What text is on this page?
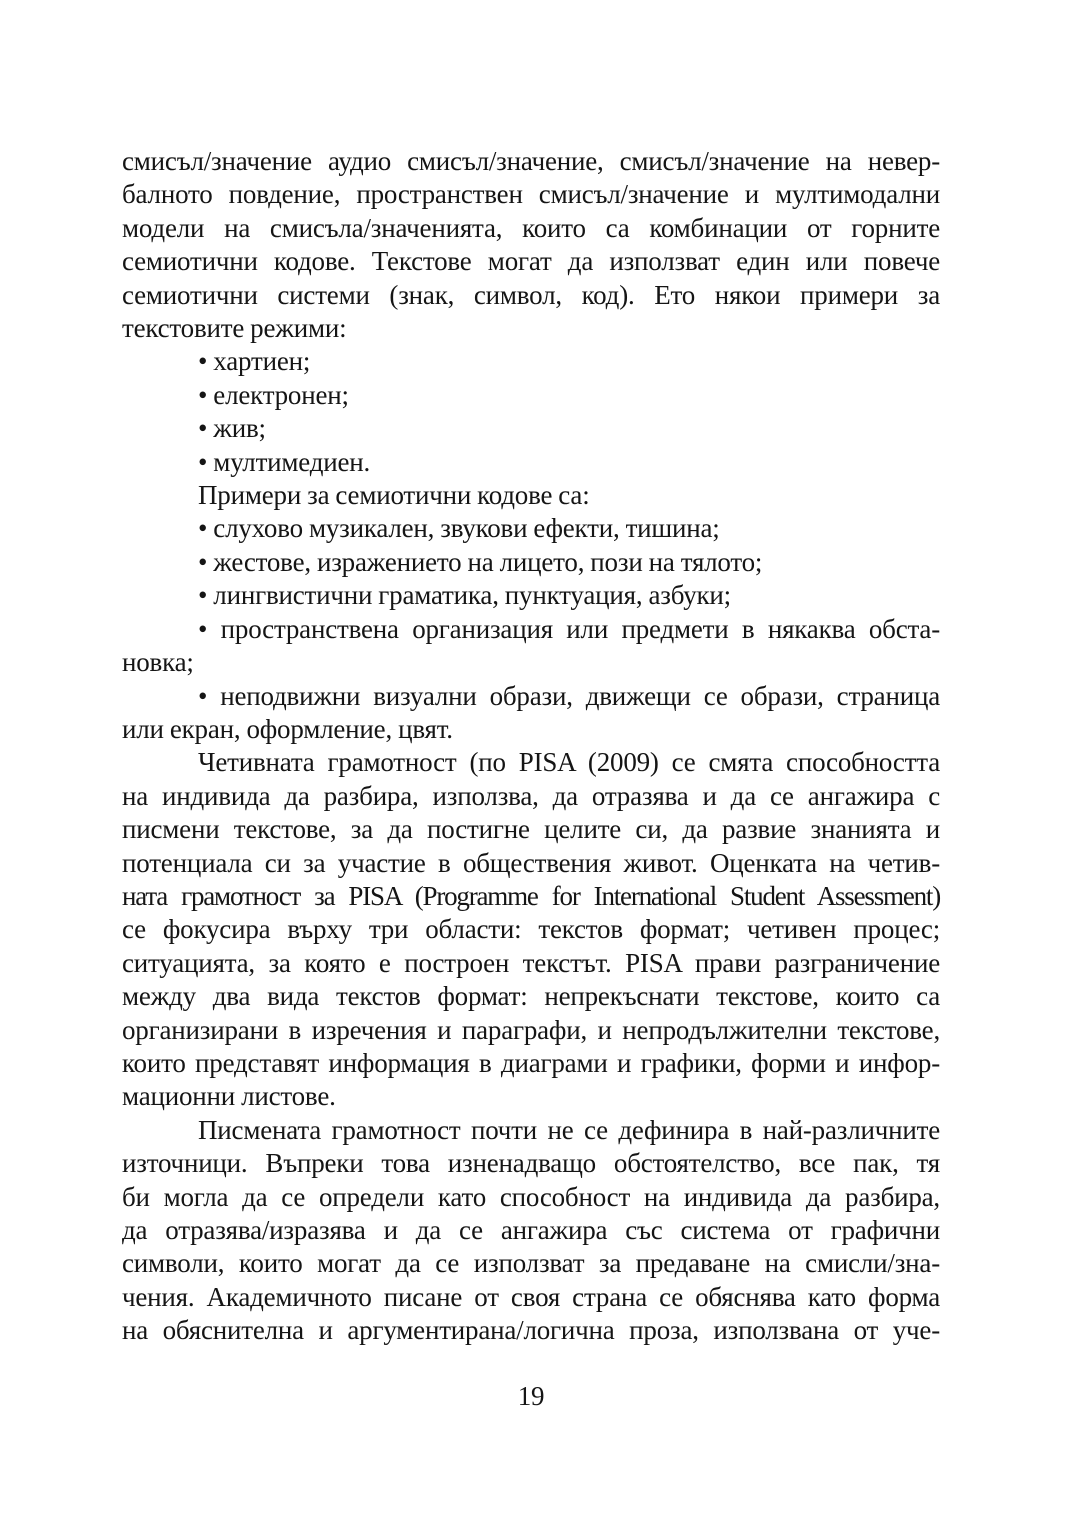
смисъл/значение аудио смисъл/значение, смисъл/значение на невер-
балното повдение, пространствен смисъл/значение и мултимодални
модели на смисъла/значенията, които са комбинации от горните
семиотични кодове. Текстове могат да използват един или повече
семиотични системи (знак, символ, код). Ето някои примери за
текстовите режими:
• хартиен;
• електронен;
• жив;
• мултимедиен.
Примери за семиотични кодове са:
• слухово музикален, звукови ефекти, тишина;
• жестове, изражението на лицето, пози на тялото;
• лингвистични граматика, пунктуация, азбуки;
• пространствена организация или предмети в някаква обста-
новка;
• неподвижни визуални образи, движещи се образи, страница
или екран, оформление, цвят.
Четивната грамотност (по PISA (2009) се смята способността
на индивида да разбира, използва, да отразява и да се ангажира с
писмени текстове, за да постигне целите си, да развие знанията и
потенциала си за участие в обществения живот. Оценката на четив-
ната грамотност за PISA (Programme for International Student Assessment)
се фокусира върху три области: текстов формат; четивен процес;
ситуацията, за която е построен текстът. PISA прави разграничение
между два вида текстов формат: непрекъснати текстове, които са
организирани в изречения и параграфи, и непродължителни текстове,
които представят информация в диаграми и графики, форми и инфор-
мационни листове.
Писмената грамотност почти не се дефинира в най-различните
източници. Въпреки това изненадващо обстоятелство, все пак, тя
би могла да се определи като способност на индивида да разбира,
да отразява/изразява и да се ангажира със система от графични
символи, които могат да се използват за предаване на смисли/зна-
чения. Академичното писане от своя страна се обяснява като форма
на обяснителна и аргументирана/логична проза, използвана от уче-
19
